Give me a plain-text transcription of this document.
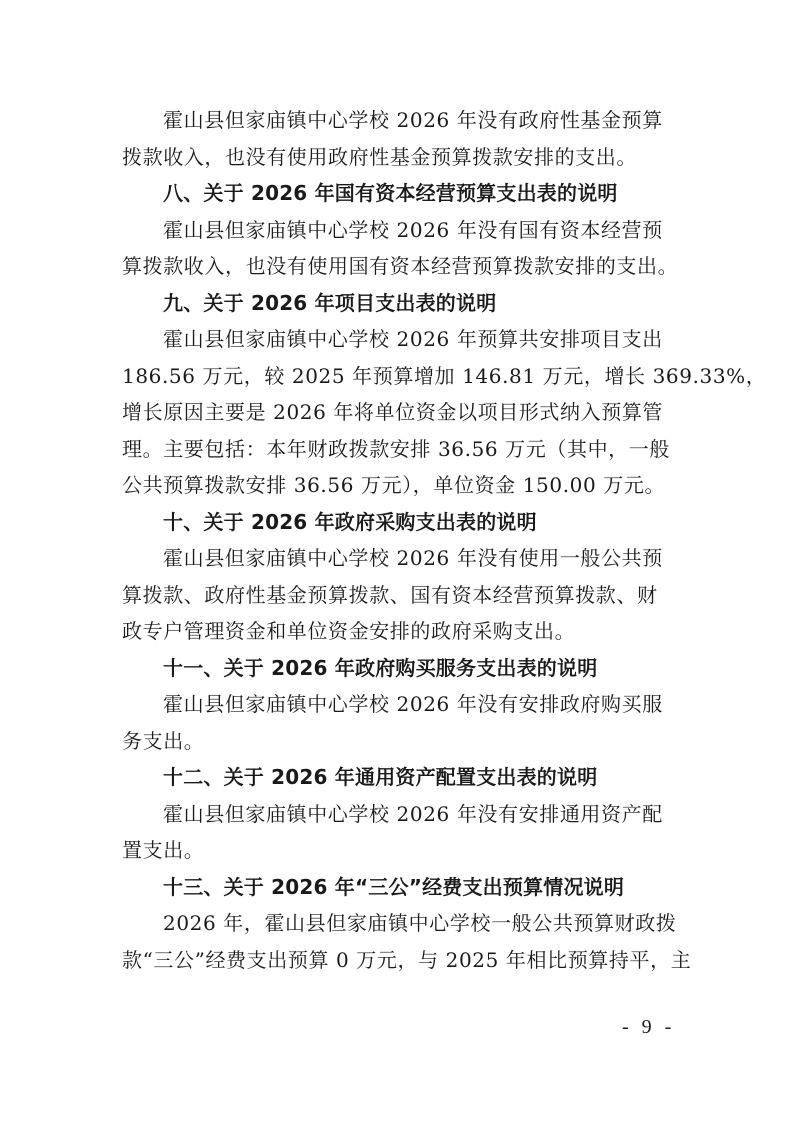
霍山县但家庙镇中心学校 2026 年没有政府性基金预算
拨款收入，也没有使用政府性基金预算拨款安排的支出。
八、关于 2026 年国有资本经营预算支出表的说明
霍山县但家庙镇中心学校 2026 年没有国有资本经营预
算拨款收入，也没有使用国有资本经营预算拨款安排的支出。
九、关于 2026 年项目支出表的说明
霍山县但家庙镇中心学校 2026 年预算共安排项目支出
186.56 万元，较 2025 年预算增加 146.81 万元，增长 369.33%，
增长原因主要是 2026 年将单位资金以项目形式纳入预算管
理。主要包括：本年财政拨款安排 36.56 万元（其中，一般
公共预算拨款安排 36.56 万元），单位资金 150.00 万元。
十、关于 2026 年政府采购支出表的说明
霍山县但家庙镇中心学校 2026 年没有使用一般公共预
算拨款、政府性基金预算拨款、国有资本经营预算拨款、财
政专户管理资金和单位资金安排的政府采购支出。
十一、关于 2026 年政府购买服务支出表的说明
霍山县但家庙镇中心学校 2026 年没有安排政府购买服
务支出。
十二、关于 2026 年通用资产配置支出表的说明
霍山县但家庙镇中心学校 2026 年没有安排通用资产配
置支出。
十三、关于 2026 年“三公”经费支出预算情况说明
2026 年，霍山县但家庙镇中心学校一般公共预算财政拨
款“三公”经费支出预算 0 万元，与 2025 年相比预算持平，主
- 9 -
